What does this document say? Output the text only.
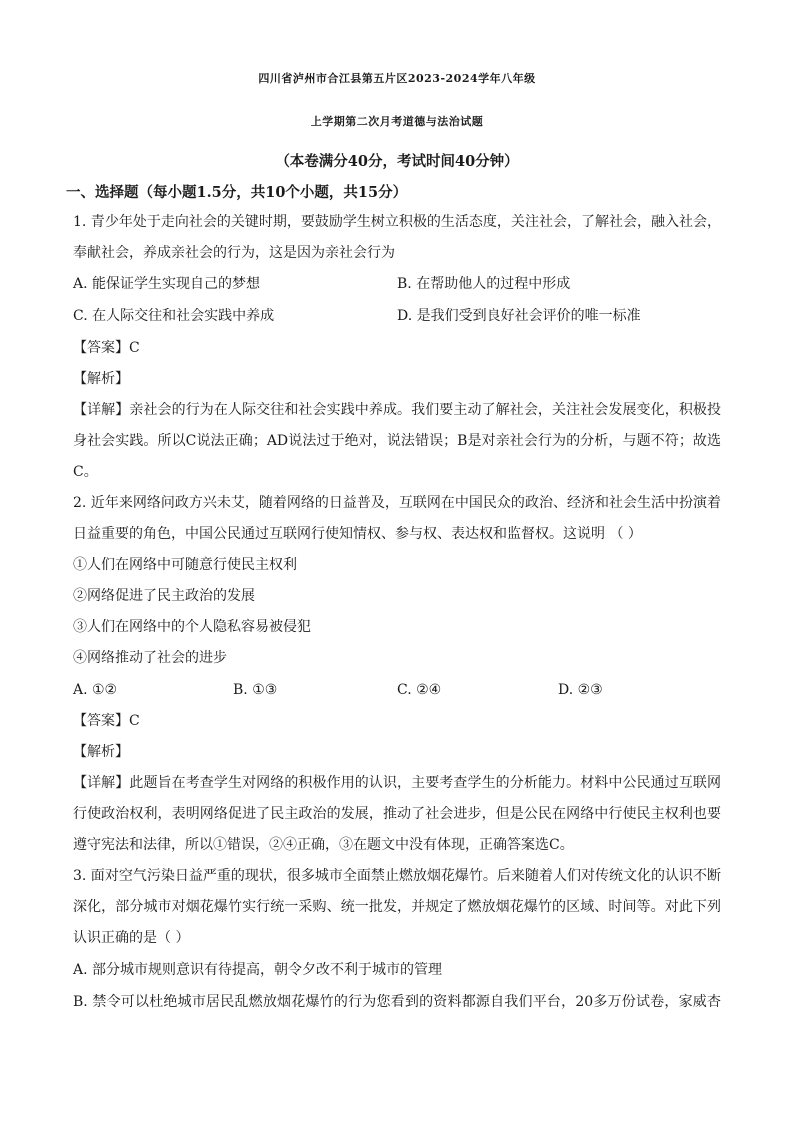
四川省泸州市合江县第五片区2023-2024学年八年级
上学期第二次月考道德与法治试题
（本卷满分40分，考试时间40分钟）
一、选择题（每小题1.5分，共10个小题，共15分）
1. 青少年处于走向社会的关键时期，要鼓励学生树立积极的生活态度，关注社会，了解社会，融入社会，
奉献社会，养成亲社会的行为，这是因为亲社会行为
A. 能保证学生实现自己的梦想	B. 在帮助他人的过程中形成
C. 在人际交往和社会实践中养成	D. 是我们受到良好社会评价的唯一标准
【答案】C
【解析】
【详解】亲社会的行为在人际交往和社会实践中养成。我们要主动了解社会，关注社会发展变化，积极投
身社会实践。所以C说法正确；AD说法过于绝对，说法错误；B是对亲社会行为的分析，与题不符；故选
C。
2. 近年来网络问政方兴未艾，随着网络的日益普及，互联网在中国民众的政治、经济和社会生活中扮演着
日益重要的角色，中国公民通过互联网行使知情权、参与权、表达权和监督权。这说明 （ ）
①人们在网络中可随意行使民主权利
②网络促进了民主政治的发展
③人们在网络中的个人隐私容易被侵犯
④网络推动了社会的进步
A. ①②	B. ①③	C. ②④	D. ②③
【答案】C
【解析】
【详解】此题旨在考查学生对网络的积极作用的认识，主要考查学生的分析能力。材料中公民通过互联网
行使政治权利，表明网络促进了民主政治的发展，推动了社会进步，但是公民在网络中行使民主权利也要
遵守宪法和法律，所以①错误，②④正确，③在题文中没有体现，正确答案选C。
3. 面对空气污染日益严重的现状，很多城市全面禁止燃放烟花爆竹。后来随着人们对传统文化的认识不断
深化，部分城市对烟花爆竹实行统一采购、统一批发，并规定了燃放烟花爆竹的区域、时间等。对此下列
认识正确的是（ ）
A. 部分城市规则意识有待提高，朝令夕改不利于城市的管理
B. 禁令可以杜绝城市居民乱燃放烟花爆竹的行为您看到的资料都源自我们平台，20多万份试卷，家威杏
